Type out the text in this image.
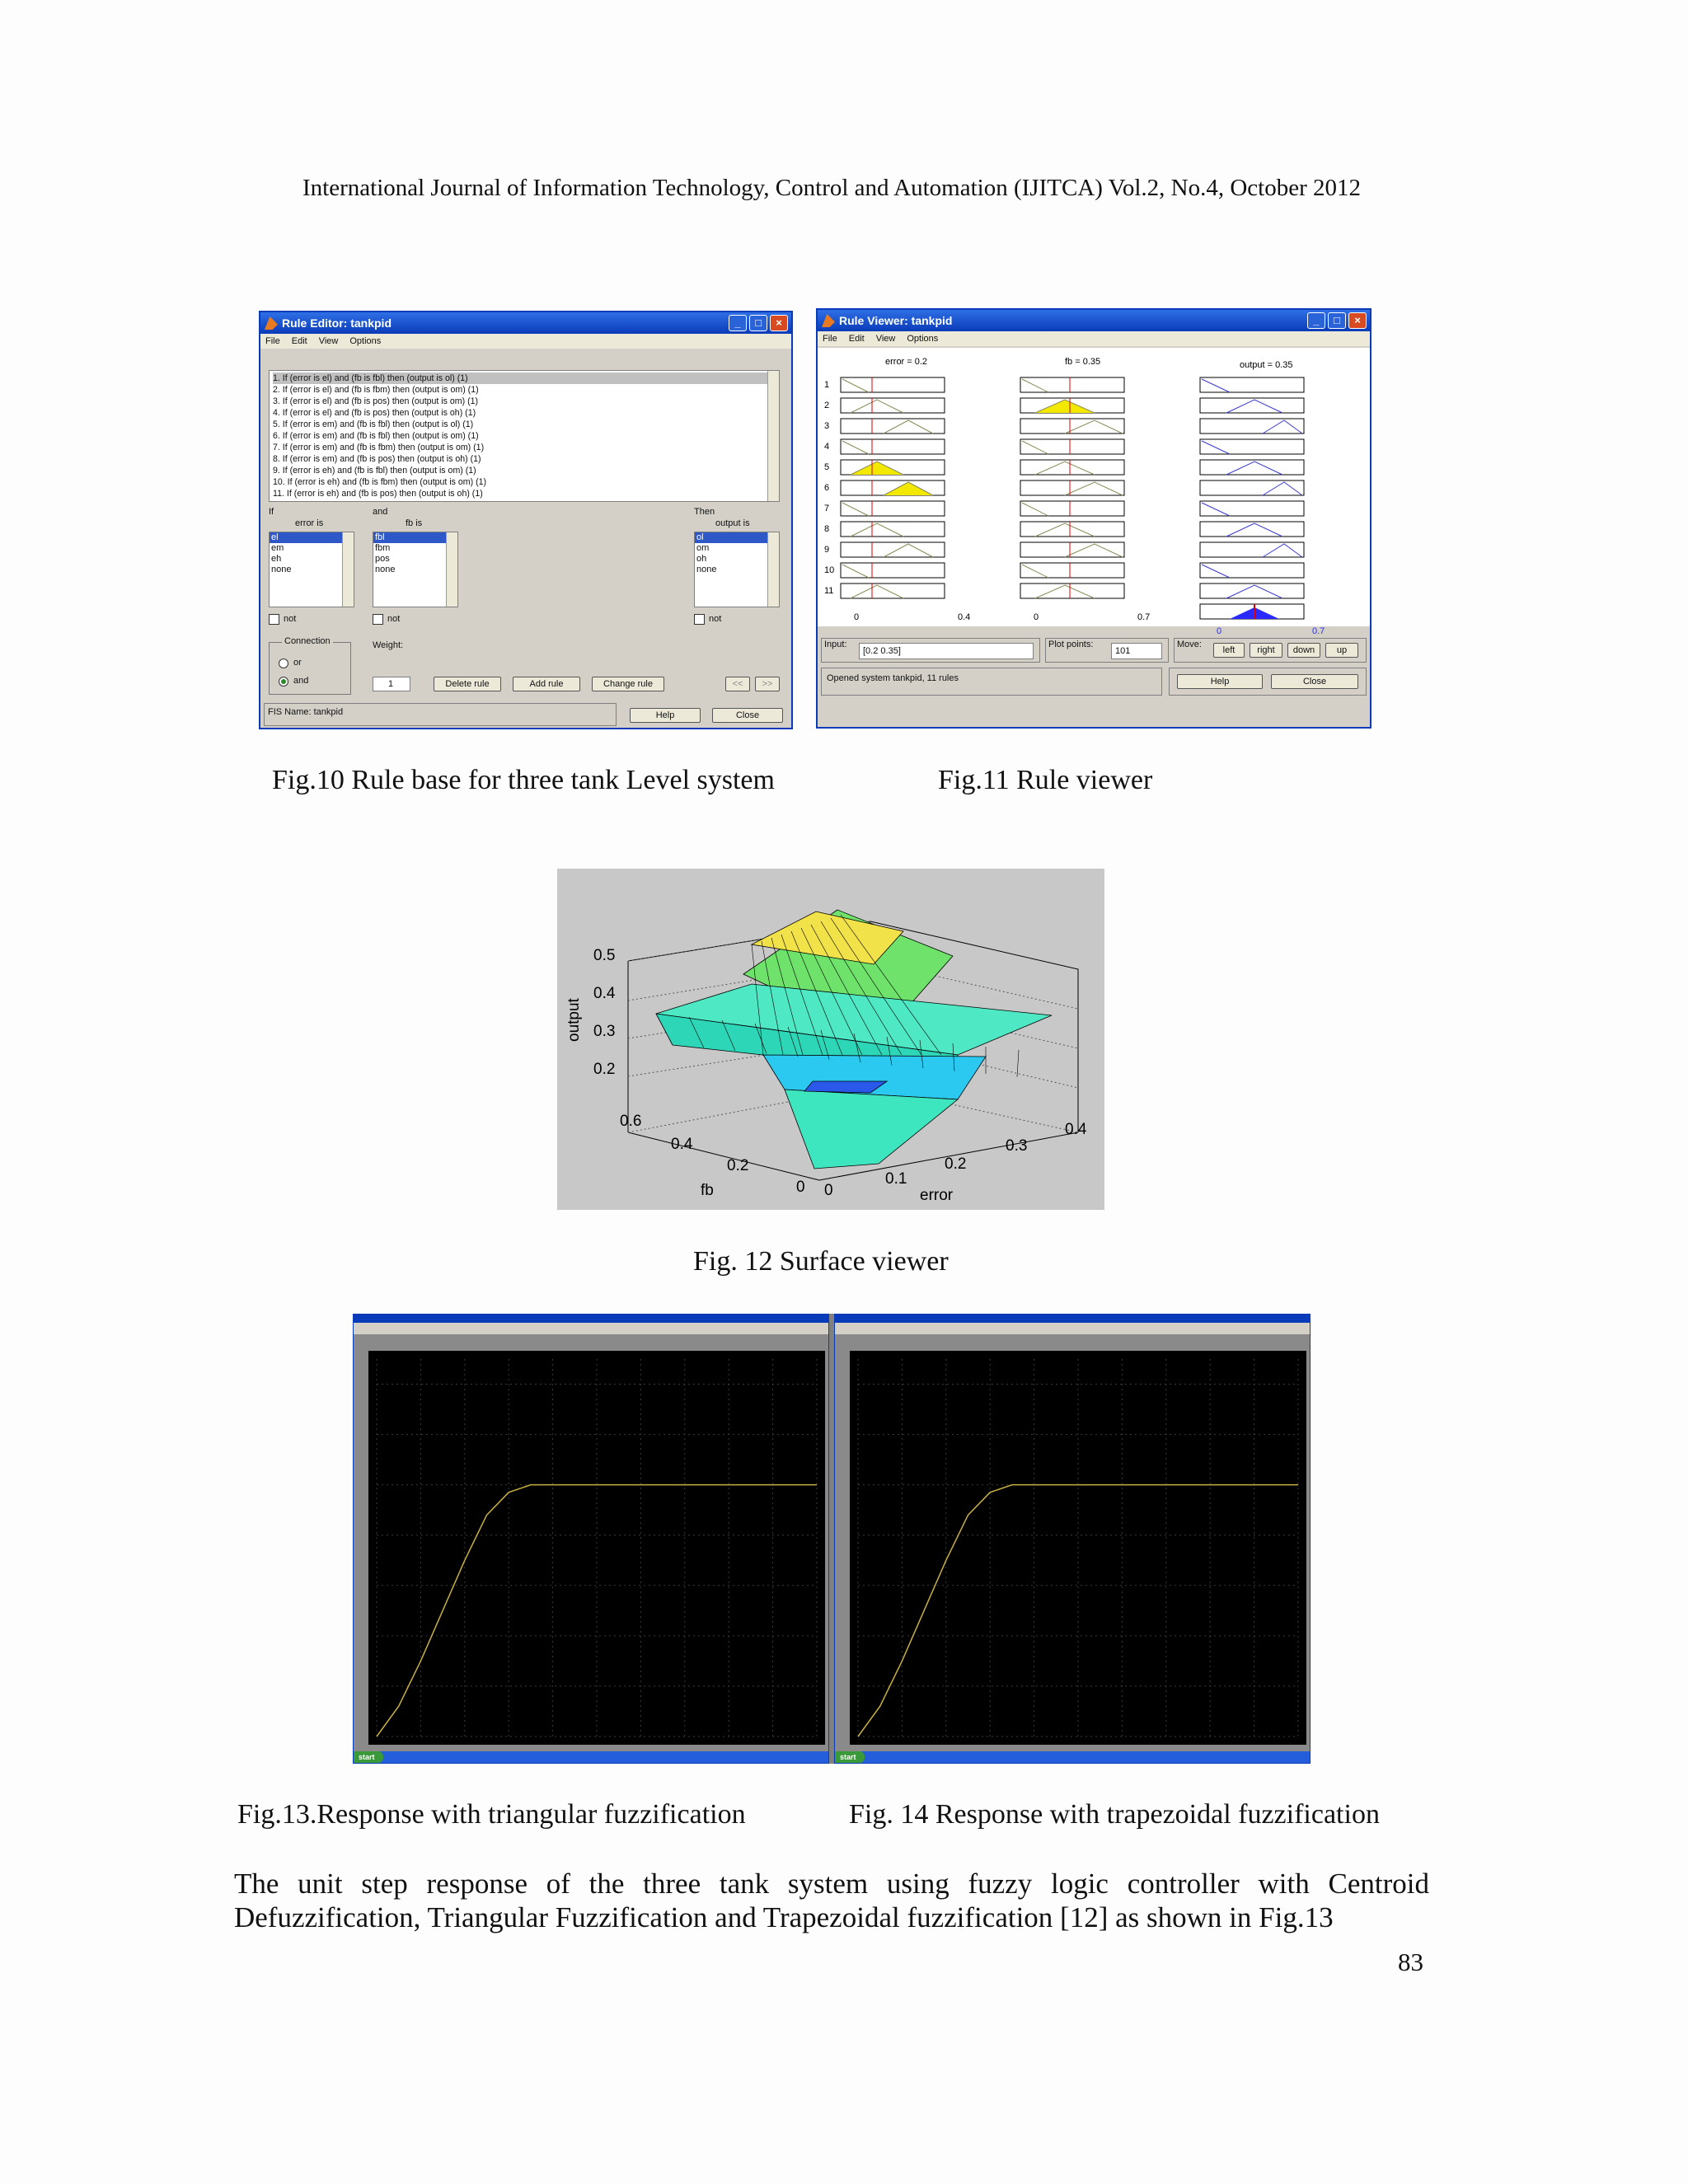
International Journal of Information Technology, Control and Automation (IJITCA) Vol.2, No.4, October 2012
Rule Editor: tankpid	_	□	×
File Edit View Options
1. If (error is el) and (fb is fbl) then (output is ol) (1)
2. If (error is el) and (fb is fbm) then (output is om) (1)
3. If (error is el) and (fb is pos) then (output is om) (1)
4. If (error is el) and (fb is pos) then (output is oh) (1)
5. If (error is em) and (fb is fbl) then (output is ol) (1)
6. If (error is em) and (fb is fbl) then (output is om) (1)
7. If (error is em) and (fb is fbm) then (output is om) (1)
8. If (error is em) and (fb is pos) then (output is oh) (1)
9. If (error is eh) and (fb is fbl) then (output is om) (1)
10. If (error is eh) and (fb is fbm) then (output is om) (1)
11. If (error is eh) and (fb is pos) then (output is oh) (1)
If	and	Then
error is	fb is	output is
el
em
eh
none
fbl
fbm
pos
none
ol
om
oh
none
not	not	not
Connection
or
and
Weight:
1	Delete rule	Add rule	Change rule	<<	>>
FIS Name: tankpid	Help	Close
Rule Viewer: tankpid	_	□	×
File Edit View Options
1
2
3
4
5
6
7
8
9
10
11
error = 0.2	fb = 0.35	output = 0.35
0	0.4	0	0.7
0	0.7
Input:
[0.2 0.35]
Plot points:
101
Move:
left	right	down	up
Opened system tankpid, 11 rules	Help	Close
Fig.10 Rule base for three tank Level system	Fig.11 Rule viewer
0.5
0.4
0.3
0.2
output
0.6
0.4
0.2
0
fb	0
0.1
0.2
0.3
0.4
error
Fig. 12 Surface viewer
start	start
Fig.13.Response with triangular fuzzification	Fig. 14 Response with trapezoidal fuzzification
The unit step response of the three tank system using fuzzy logic controller with Centroid Defuzzification, Triangular Fuzzification and Trapezoidal fuzzification [12] as shown in Fig.13
83
